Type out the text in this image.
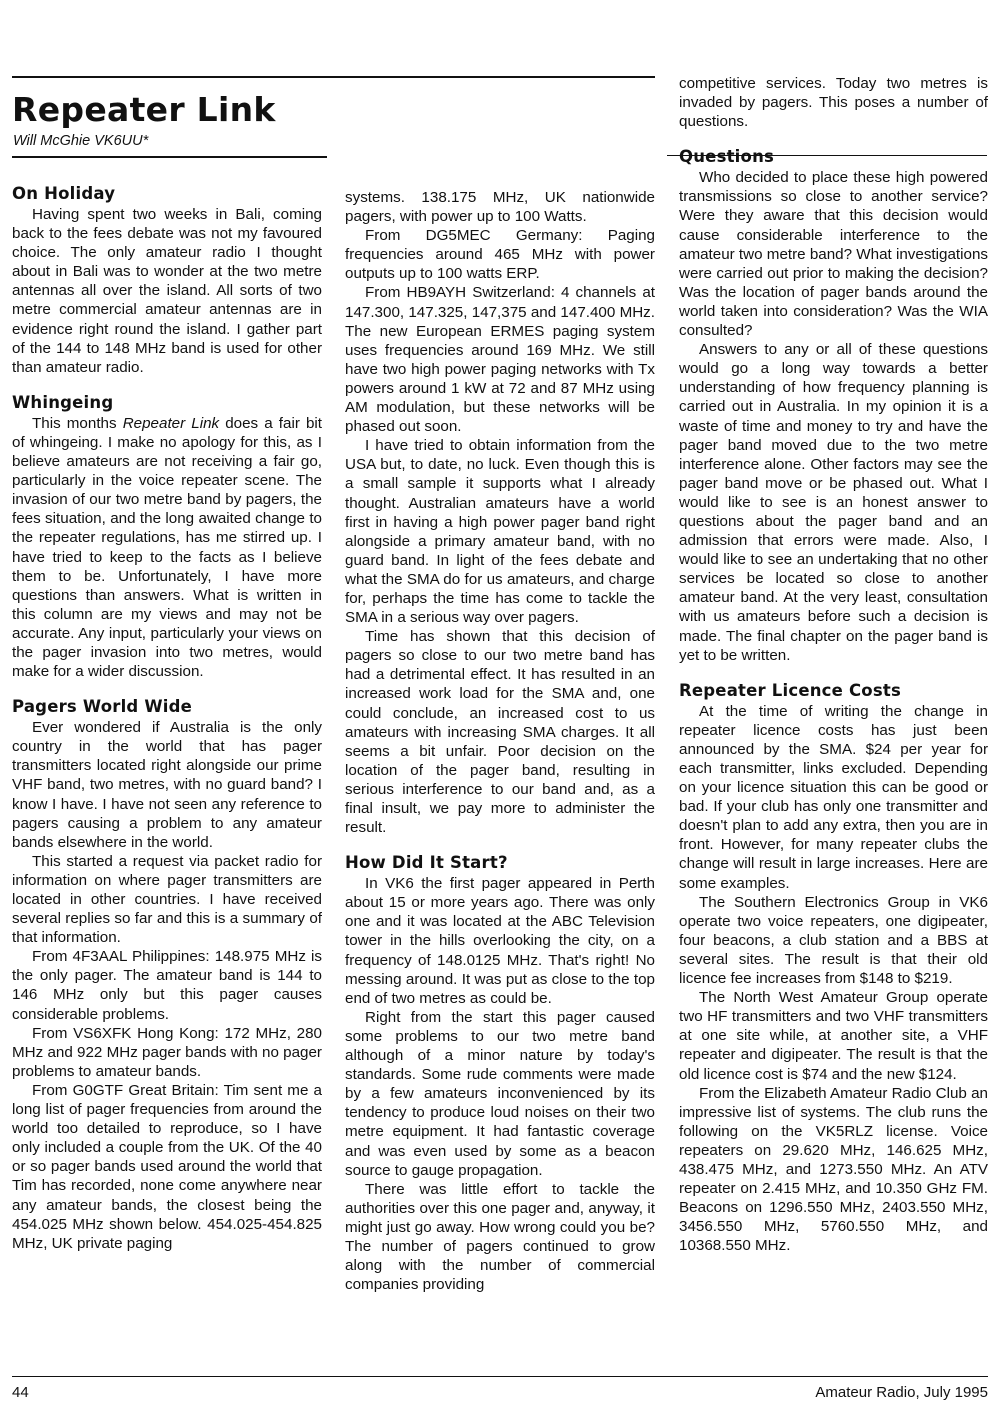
Repeater Link

Will McGhie VK6UU*

On Holiday

Having spent two weeks in Bali, coming back to the fees debate was not my favoured choice. The only amateur radio I thought about in Bali was to wonder at the two metre antennas all over the island. All sorts of two metre commercial amateur antennas are in evidence right round the island. I gather part of the 144 to 148 MHz band is used for other than amateur radio.

Whingeing

This months Repeater Link does a fair bit of whingeing. I make no apology for this, as I believe amateurs are not receiving a fair go, particularly in the voice repeater scene. The invasion of our two metre band by pagers, the fees situation, and the long awaited change to the repeater regulations, has me stirred up. I have tried to keep to the facts as I believe them to be. Unfortunately, I have more questions than answers. What is written in this column are my views and may not be accurate. Any input, particularly your views on the pager invasion into two metres, would make for a wider discussion.

Pagers World Wide

Ever wondered if Australia is the only country in the world that has pager transmitters located right alongside our prime VHF band, two metres, with no guard band? I know I have. I have not seen any reference to pagers causing a problem to any amateur bands elsewhere in the world.

This started a request via packet radio for information on where pager transmitters are located in other countries. I have received several replies so far and this is a summary of that information.

From 4F3AAL Philippines: 148.975 MHz is the only pager. The amateur band is 144 to 146 MHz only but this pager causes considerable problems.

From VS6XFK Hong Kong: 172 MHz, 280 MHz and 922 MHz pager bands with no pager problems to amateur bands.

From G0GTF Great Britain: Tim sent me a long list of pager frequencies from around the world too detailed to reproduce, so I have only included a couple from the UK. Of the 40 or so pager bands used around the world that Tim has recorded, none come anywhere near any amateur bands, the closest being the 454.025 MHz shown below. 454.025-454.825 MHz, UK private paging

systems. 138.175 MHz, UK nationwide pagers, with power up to 100 Watts.

From DG5MEC Germany: Paging frequencies around 465 MHz with power outputs up to 100 watts ERP.

From HB9AYH Switzerland: 4 channels at 147.300, 147.325, 147,375 and 147.400 MHz. The new European ERMES paging system uses frequencies around 169 MHz. We still have two high power paging networks with Tx powers around 1 kW at 72 and 87 MHz using AM modulation, but these networks will be phased out soon.

I have tried to obtain information from the USA but, to date, no luck. Even though this is a small sample it supports what I already thought. Australian amateurs have a world first in having a high power pager band right alongside a primary amateur band, with no guard band. In light of the fees debate and what the SMA do for us amateurs, and charge for, perhaps the time has come to tackle the SMA in a serious way over pagers.

Time has shown that this decision of pagers so close to our two metre band has had a detrimental effect. It has resulted in an increased work load for the SMA and, one could conclude, an increased cost to us amateurs with increasing SMA charges. It all seems a bit unfair. Poor decision on the location of the pager band, resulting in serious interference to our band and, as a final insult, we pay more to administer the result.

How Did It Start?

In VK6 the first pager appeared in Perth about 15 or more years ago. There was only one and it was located at the ABC Television tower in the hills overlooking the city, on a frequency of 148.0125 MHz. That's right! No messing around. It was put as close to the top end of two metres as could be.

Right from the start this pager caused some problems to our two metre band although of a minor nature by today's standards. Some rude comments were made by a few amateurs inconvenienced by its tendency to produce loud noises on their two metre equipment. It had fantastic coverage and was even used by some as a beacon source to gauge propagation.

There was little effort to tackle the authorities over this one pager and, anyway, it might just go away. How wrong could you be? The number of pagers continued to grow along with the number of commercial companies providing

competitive services. Today two metres is invaded by pagers. This poses a number of questions.

Questions

Who decided to place these high powered transmissions so close to another service? Were they aware that this decision would cause considerable interference to the amateur two metre band? What investigations were carried out prior to making the decision? Was the location of pager bands around the world taken into consideration? Was the WIA consulted?

Answers to any or all of these questions would go a long way towards a better understanding of how frequency planning is carried out in Australia. In my opinion it is a waste of time and money to try and have the pager band moved due to the two metre interference alone. Other factors may see the pager band move or be phased out. What I would like to see is an honest answer to questions about the pager band and an admission that errors were made. Also, I would like to see an undertaking that no other services be located so close to another amateur band. At the very least, consultation with us amateurs before such a decision is made. The final chapter on the pager band is yet to be written.

Repeater Licence Costs

At the time of writing the change in repeater licence costs has just been announced by the SMA. $24 per year for each transmitter, links excluded. Depending on your licence situation this can be good or bad. If your club has only one transmitter and doesn't plan to add any extra, then you are in front. However, for many repeater clubs the change will result in large increases. Here are some examples.

The Southern Electronics Group in VK6 operate two voice repeaters, one digipeater, four beacons, a club station and a BBS at several sites. The result is that their old licence fee increases from $148 to $219.

The North West Amateur Group operate two HF transmitters and two VHF transmitters at one site while, at another site, a VHF repeater and digipeater. The result is that the old licence cost is $74 and the new $124.

From the Elizabeth Amateur Radio Club an impressive list of systems. The club runs the following on the VK5RLZ license. Voice repeaters on 29.620 MHz, 146.625 MHz, 438.475 MHz, and 1273.550 MHz. An ATV repeater on 2.415 MHz, and 10.350 GHz FM. Beacons on 1296.550 MHz, 2403.550 MHz, 3456.550 MHz, 5760.550 MHz, and 10368.550 MHz.

44	Amateur Radio, July 1995
